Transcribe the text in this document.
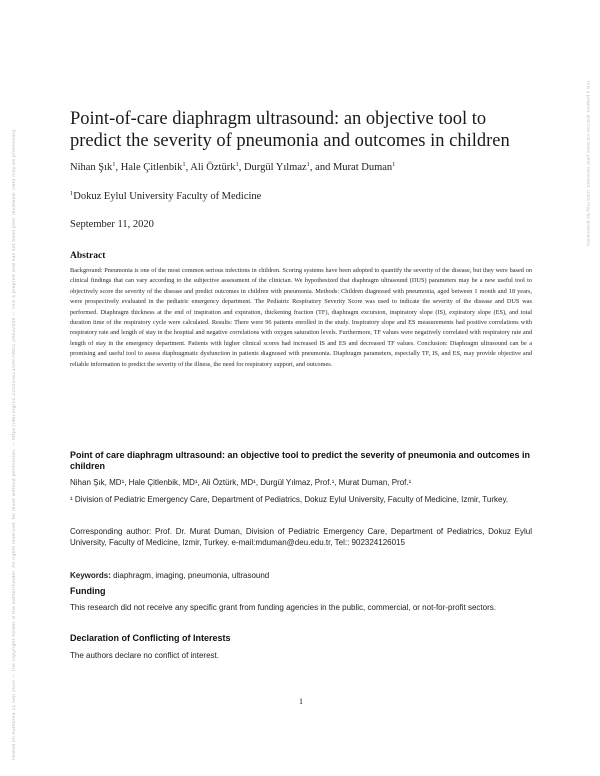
Posted on Authorea 11 Sep 2020 — The copyright holder is the author/funder. All rights reserved. No reuse without permission. — https://doi.org/10.22541/au.159979602.28432849 — This a preprint and has not been peer reviewed. Data may be preliminary.	This a preprint and has not been peer reviewed. Data may be preliminary.
Point-of-care diaphragm ultrasound: an objective tool to predict the severity of pneumonia and outcomes in children
Nihan Şık$^1$, Hale Çitlenbik$^1$, Ali Öztürk$^1$, Durgül Yılmaz$^1$, and Murat Duman$^1$
$^1$Dokuz Eylul University Faculty of Medicine
September 11, 2020
Abstract
Background: Pneumonia is one of the most common serious infections in children. Scoring systems have been adopted to quantify the severity of the disease, but they were based on clinical findings that can vary according to the subjective assessment of the clinician. We hypothesized that diaphragm ultrasound (DUS) parameters may be a new useful tool to objectively score the severity of the disease and predict outcomes in children with pneumonia. Methods: Children diagnosed with pneumonia, aged between 1 month and 18 years, were prospectively evaluated in the pediatric emergency department. The Pediatric Respiratory Severity Score was used to indicate the severity of the disease and DUS was performed. Diaphragm thickness at the end of inspiration and expiration, thickening fraction (TF), diaphragm excursion, inspiratory slope (IS), expiratory slope (ES), and total duration time of the respiratory cycle were calculated. Results: There were 96 patients enrolled in the study. Inspiratory slope and ES measurements had positive correlations with respiratory rate and length of stay in the hospital and negative correlations with oxygen saturation levels. Furthermore, TF values were negatively correlated with respiratory rate and length of stay in the emergency department. Patients with higher clinical scores had increased IS and ES and decreased TF values. Conclusion: Diaphragm ultrasound can be a promising and useful tool to assess diaphragmatic dysfunction in patients diagnosed with pneumonia. Diaphragm parameters, especially TF, IS, and ES, may provide objective and reliable information to predict the severity of the illness, the need for respiratory support, and outcomes.
Point of care diaphragm ultrasound: an objective tool to predict the severity of pneumonia and outcomes in children
Nihan Şık, MD¹, Hale Çitlenbik, MD¹, Ali Öztürk, MD¹, Durgül Yılmaz, Prof.¹, Murat Duman, Prof.¹
¹ Division of Pediatric Emergency Care, Department of Pediatrics, Dokuz Eylul University, Faculty of Medicine, Izmir, Turkey.
Corresponding author: Prof. Dr. Murat Duman, Division of Pediatric Emergency Care, Department of Pediatrics, Dokuz Eylul University, Faculty of Medicine, Izmir, Turkey. e-mail:mduman@deu.edu.tr, Tel:: 902324126015
Keywords: diaphragm, imaging, pneumonia, ultrasound
Funding
This research did not receive any specific grant from funding agencies in the public, commercial, or not-for-profit sectors.
Declaration of Conflicting of Interests
The authors declare no conflict of interest.
1
